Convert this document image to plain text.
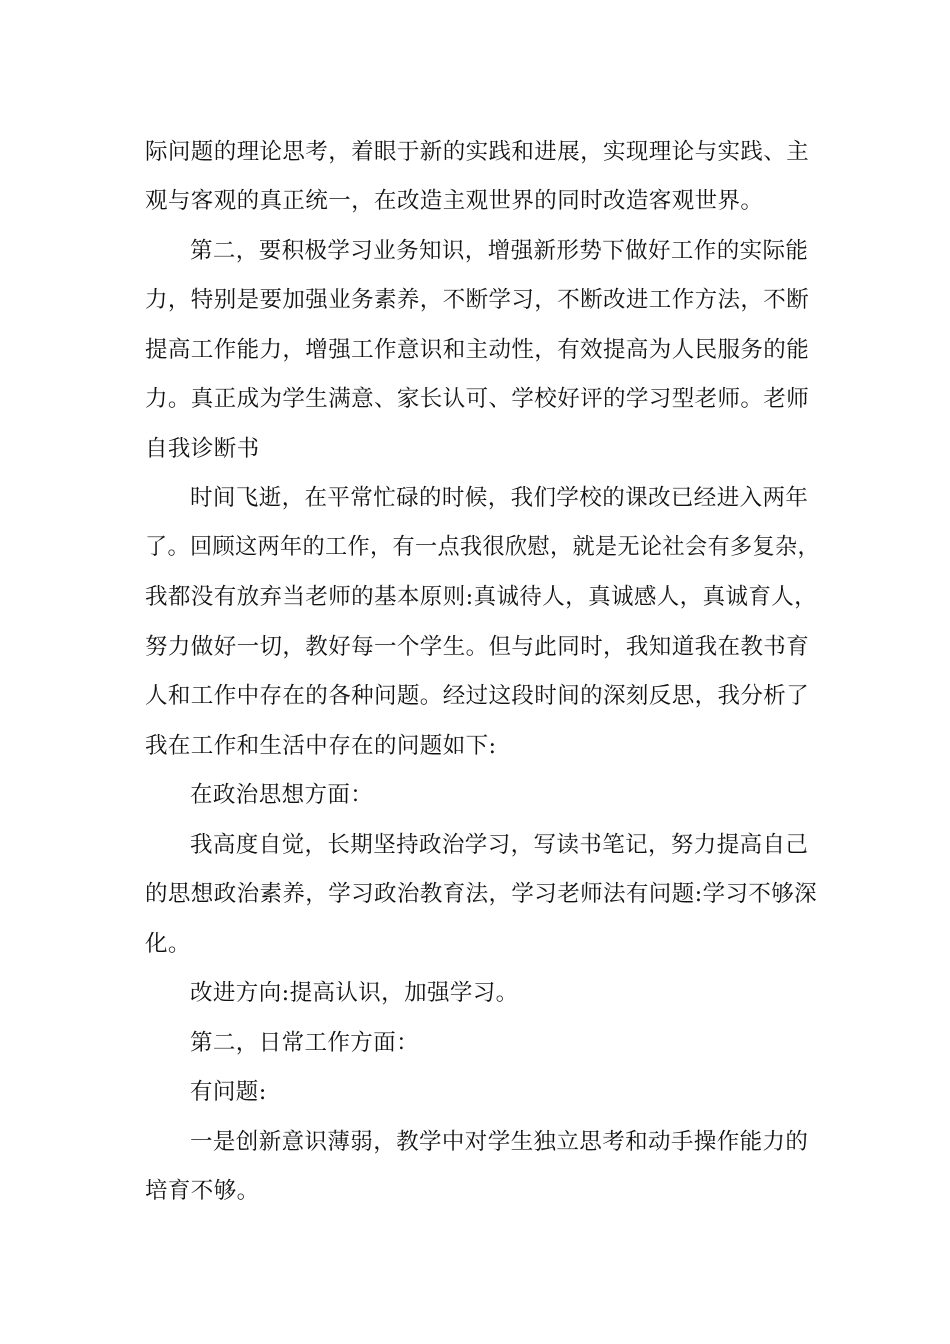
际问题的理论思考，着眼于新的实践和进展，实现理论与实践、主
观与客观的真正统一，在改造主观世界的同时改造客观世界。
第二，要积极学习业务知识，增强新形势下做好工作的实际能
力，特别是要加强业务素养，不断学习，不断改进工作方法，不断
提高工作能力，增强工作意识和主动性，有效提高为人民服务的能
力。真正成为学生满意、家长认可、学校好评的学习型老师。老师
自我诊断书
时间飞逝，在平常忙碌的时候，我们学校的课改已经进入两年
了。回顾这两年的工作，有一点我很欣慰，就是无论社会有多复杂，
我都没有放弃当老师的基本原则:真诚待人，真诚感人，真诚育人，
努力做好一切，教好每一个学生。但与此同时，我知道我在教书育
人和工作中存在的各种问题。经过这段时间的深刻反思，我分析了
我在工作和生活中存在的问题如下:
在政治思想方面：
我高度自觉，长期坚持政治学习，写读书笔记，努力提高自己
的思想政治素养，学习政治教育法，学习老师法有问题:学习不够深
化。
改进方向:提高认识，加强学习。
第二，日常工作方面：
有问题:
一是创新意识薄弱，教学中对学生独立思考和动手操作能力的
培育不够。
